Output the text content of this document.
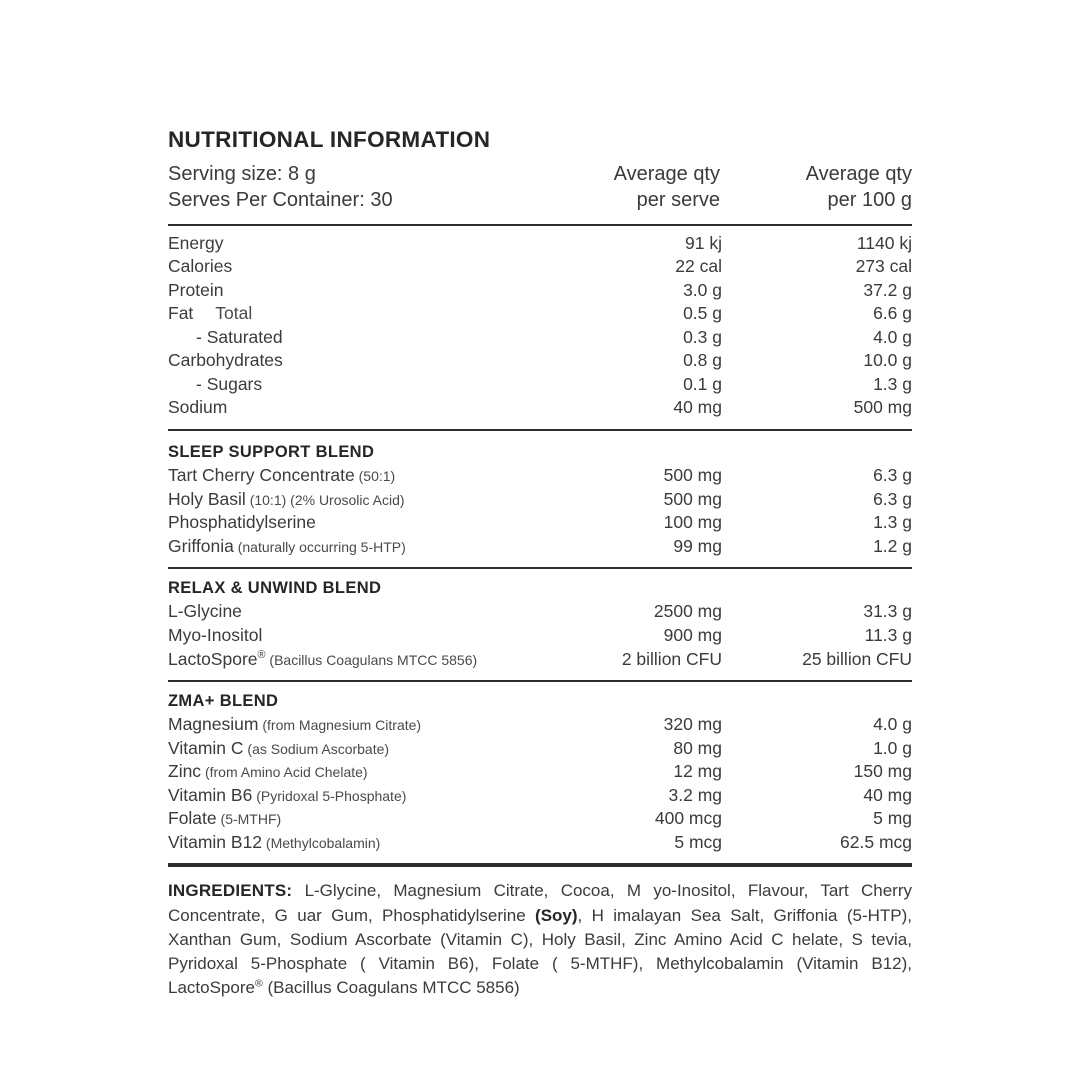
NUTRITIONAL INFORMATION
Serving size: 8 g	Average qty	Average qty
Serves Per Container: 30	per serve	per 100 g
Energy	91 kj	1140 kj
Calories	22 cal	273 cal
Protein	3.0 g	37.2 g
Fat Total	0.5 g	6.6 g
- Saturated	0.3 g	4.0 g
Carbohydrates	0.8 g	10.0 g
- Sugars	0.1 g	1.3 g
Sodium	40 mg	500 mg
SLEEP SUPPORT BLEND
Tart Cherry Concentrate (50:1)	500 mg	6.3 g
Holy Basil (10:1) (2% Urosolic Acid)	500 mg	6.3 g
Phosphatidylserine	100 mg	1.3 g
Griffonia (naturally occurring 5-HTP)	99 mg	1.2 g
RELAX & UNWIND BLEND
L-Glycine	2500 mg	31.3 g
Myo-Inositol	900 mg	11.3 g
LactoSpore® (Bacillus Coagulans MTCC 5856)	2 billion CFU	25 billion CFU
ZMA+ BLEND
Magnesium (from Magnesium Citrate)	320 mg	4.0 g
Vitamin C (as Sodium Ascorbate)	80 mg	1.0 g
Zinc (from Amino Acid Chelate)	12 mg	150 mg
Vitamin B6 (Pyridoxal 5-Phosphate)	3.2 mg	40 mg
Folate (5-MTHF)	400 mcg	5 mg
Vitamin B12 (Methylcobalamin)	5 mcg	62.5 mcg
INGREDIENTS: L-Glycine, Magnesium Citrate, Cocoa, M yo-Inositol, Flavour, Tart Cherry Concentrate, G uar Gum, Phosphatidylserine (Soy), H imalayan Sea Salt, Griffonia (5-HTP), Xanthan Gum, Sodium Ascorbate (Vitamin C), Holy Basil, Zinc Amino Acid C helate, S tevia, Pyridoxal 5-Phosphate ( Vitamin B6), Folate ( 5-MTHF), Methylcobalamin (Vitamin B12), LactoSpore® (Bacillus Coagulans MTCC 5856)
